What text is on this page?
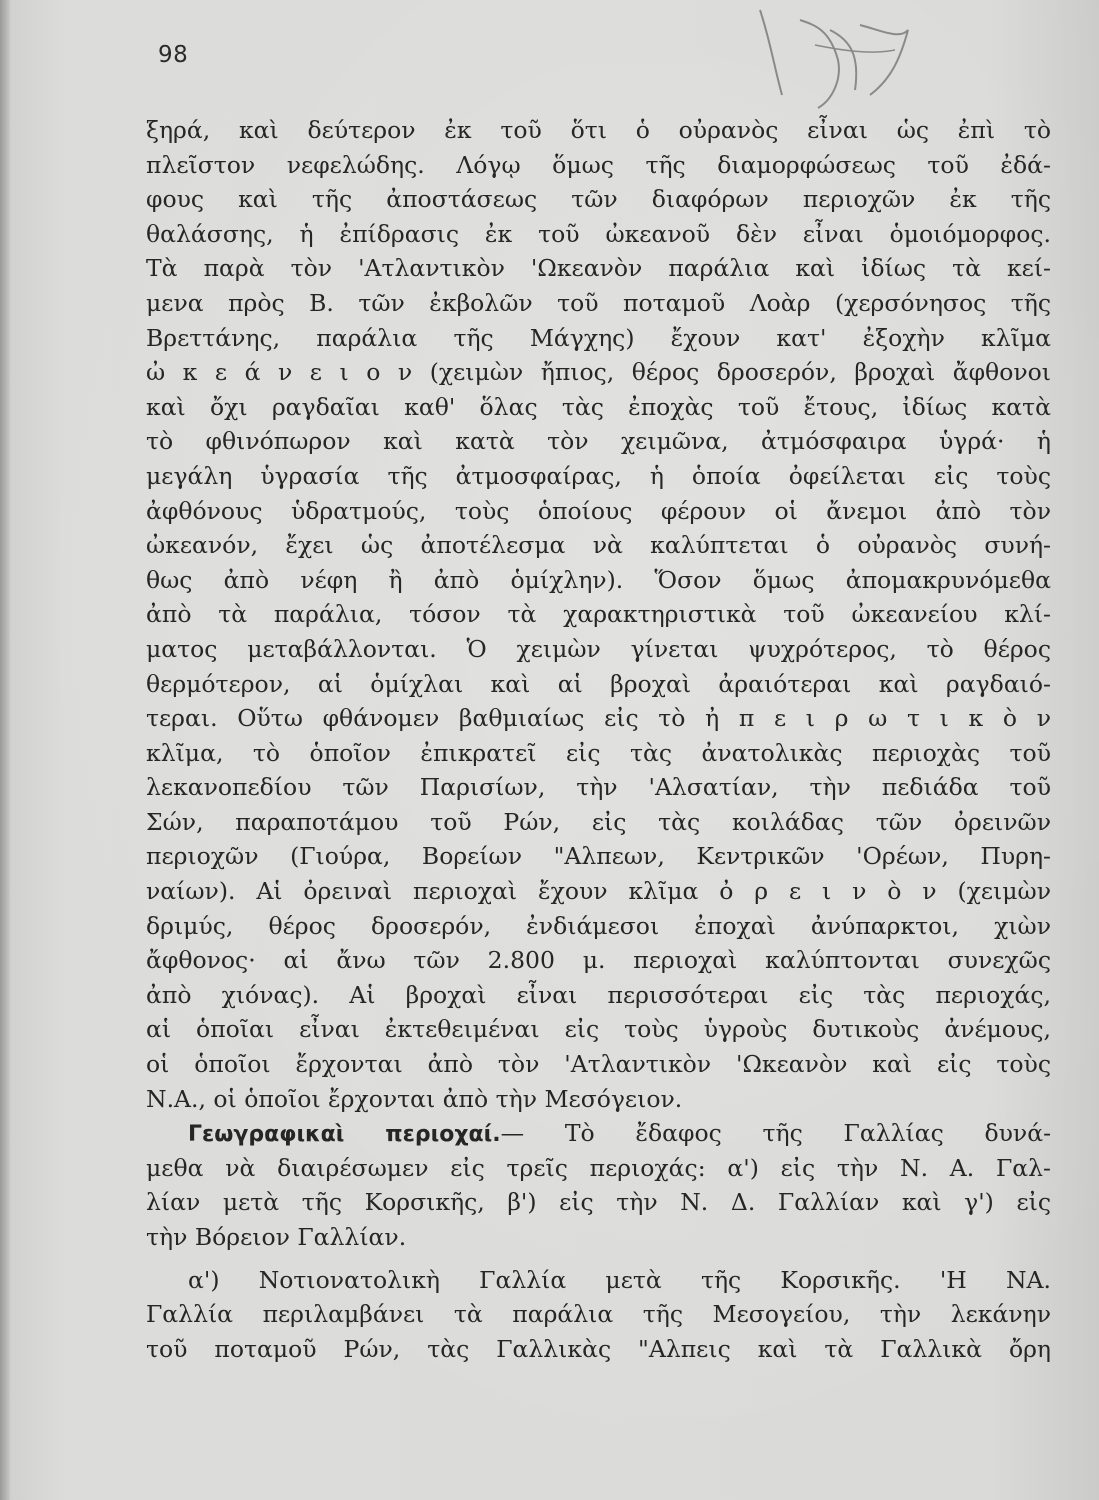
98
ξηρά, καὶ δεύτερον ἐκ τοῦ ὅτι ὁ οὐρανὸς εἶναι ὡς ἐπὶ τὸ
πλεῖστον νεφελώδης. Λόγῳ ὅμως τῆς διαμορφώσεως τοῦ ἐδά-
φους καὶ τῆς ἀποστάσεως τῶν διαφόρων περιοχῶν ἐκ τῆς
θαλάσσης, ἡ ἐπίδρασις ἐκ τοῦ ὠκεανοῦ δὲν εἶναι ὁμοιόμορφος.
Τὰ παρὰ τὸν 'Ατλαντικὸν 'Ωκεανὸν παράλια καὶ ἰδίως τὰ κεί-
μενα πρὸς Β. τῶν ἐκβολῶν τοῦ ποταμοῦ Λοὰρ (χερσόνησος τῆς
Βρεττάνης, παράλια τῆς Μάγχης) ἔχουν κατ' ἐξοχὴν κλῖμα
ὠ κ ε ά ν ε ι ο ν (χειμὼν ἤπιος, θέρος δροσερόν, βροχαὶ ἄφθονοι
καὶ ὄχι ραγδαῖαι καθ' ὅλας τὰς ἐποχὰς τοῦ ἔτους, ἰδίως κατὰ
τὸ φθινόπωρον καὶ κατὰ τὸν χειμῶνα, ἀτμόσφαιρα ὑγρά· ἡ
μεγάλη ὑγρασία τῆς ἀτμοσφαίρας, ἡ ὁποία ὀφείλεται εἰς τοὺς
ἀφθόνους ὑδρατμούς, τοὺς ὁποίους φέρουν οἱ ἄνεμοι ἀπὸ τὸν
ὠκεανόν, ἔχει ὡς ἀποτέλεσμα νὰ καλύπτεται ὁ οὐρανὸς συνή-
θως ἀπὸ νέφη ἢ ἀπὸ ὁμίχλην). Ὅσον ὅμως ἀπομακρυνόμεθα
ἀπὸ τὰ παράλια, τόσον τὰ χαρακτηριστικὰ τοῦ ὠκεανείου κλί-
ματος μεταβάλλονται. Ὁ χειμὼν γίνεται ψυχρότερος, τὸ θέρος
θερμότερον, αἱ ὁμίχλαι καὶ αἱ βροχαὶ ἀραιότεραι καὶ ραγδαιό-
τεραι. Οὕτω φθάνομεν βαθμιαίως εἰς τὸ ἠ π ε ι ρ ω τ ι κ ὸ ν
κλῖμα, τὸ ὁποῖον ἐπικρατεῖ εἰς τὰς ἀνατολικὰς περιοχὰς τοῦ
λεκανοπεδίου τῶν Παρισίων, τὴν 'Αλσατίαν, τὴν πεδιάδα τοῦ
Σών, παραποτάμου τοῦ Ρών, εἰς τὰς κοιλάδας τῶν ὀρεινῶν
περιοχῶν (Γιούρα, Βορείων "Αλπεων, Κεντρικῶν 'Ορέων, Πυρη-
ναίων). Αἱ ὀρειναὶ περιοχαὶ ἔχουν κλῖμα ὀ ρ ε ι ν ὸ ν (χειμὼν
δριμύς, θέρος δροσερόν, ἐνδιάμεσοι ἐποχαὶ ἀνύπαρκτοι, χιὼν
ἄφθονος· αἱ ἄνω τῶν 2.800 μ. περιοχαὶ καλύπτονται συνεχῶς
ἀπὸ χιόνας). Αἱ βροχαὶ εἶναι περισσότεραι εἰς τὰς περιοχάς,
αἱ ὁποῖαι εἶναι ἐκτεθειμέναι εἰς τοὺς ὑγροὺς δυτικοὺς ἀνέμους,
οἱ ὁποῖοι ἔρχονται ἀπὸ τὸν 'Ατλαντικὸν 'Ωκεανὸν καὶ εἰς τοὺς
Ν.Α., οἱ ὁποῖοι ἔρχονται ἀπὸ τὴν Μεσόγειον.
Γεωγραφικαὶ περιοχαί.— Τὸ ἔδαφος τῆς Γαλλίας δυνά-
μεθα νὰ διαιρέσωμεν εἰς τρεῖς περιοχάς: α') εἰς τὴν Ν. Α. Γαλ-
λίαν μετὰ τῆς Κορσικῆς, β') εἰς τὴν Ν. Δ. Γαλλίαν καὶ γ') εἰς
τὴν Βόρειον Γαλλίαν.
α') Νοτιονατολικὴ Γαλλία μετὰ τῆς Κορσικῆς. 'Η ΝΑ.
Γαλλία περιλαμβάνει τὰ παράλια τῆς Μεσογείου, τὴν λεκάνην
τοῦ ποταμοῦ Ρών, τὰς Γαλλικὰς "Αλπεις καὶ τὰ Γαλλικὰ ὄρη
